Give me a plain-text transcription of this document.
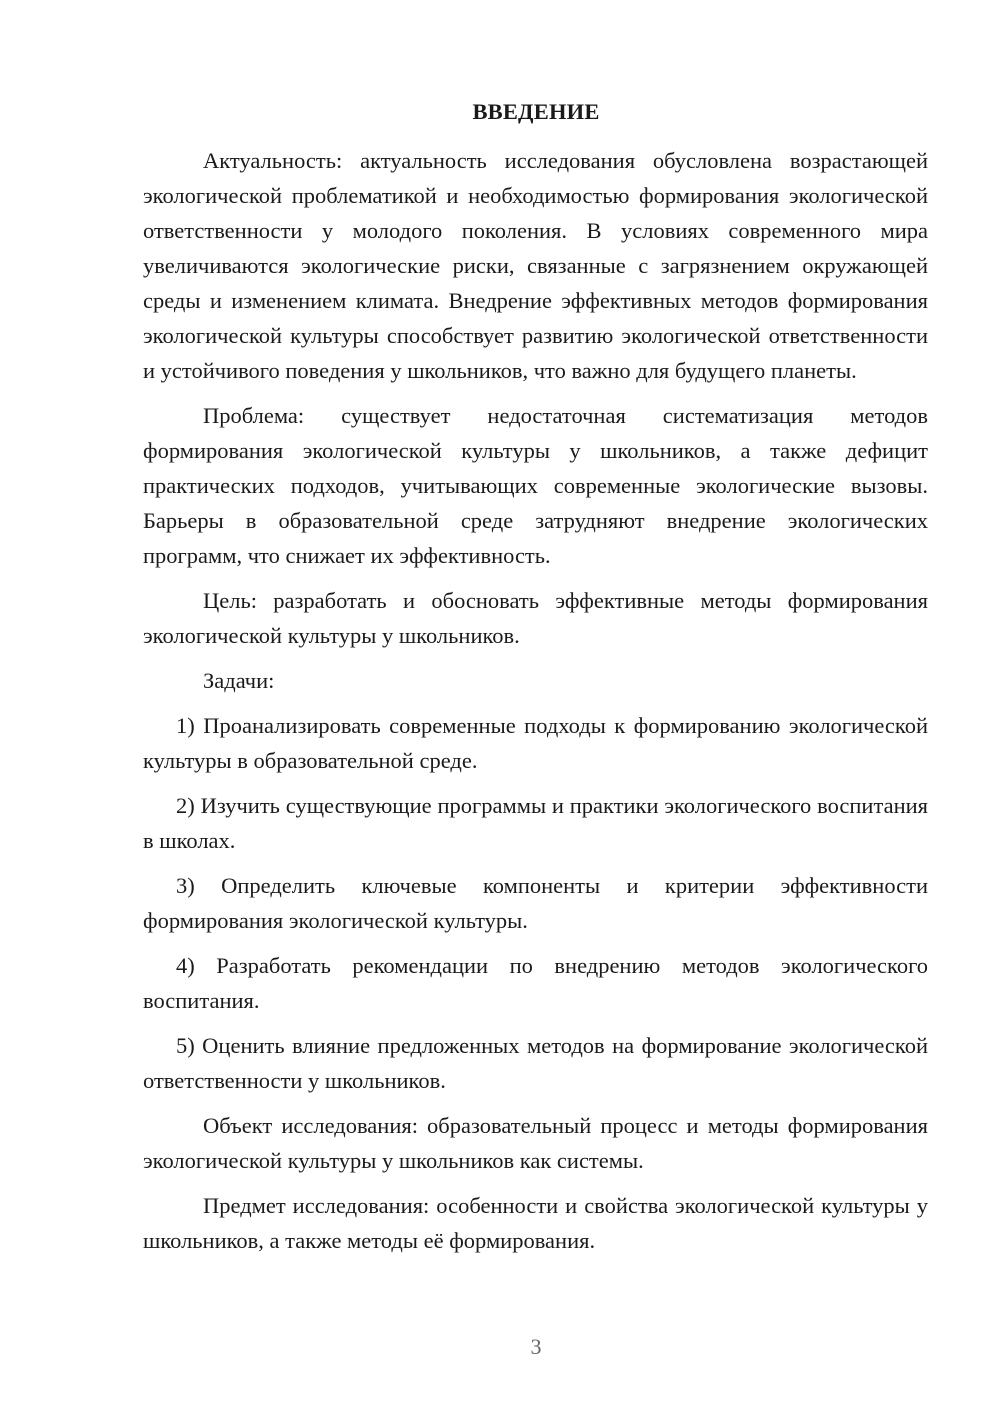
ВВЕДЕНИЕ

Актуальность: актуальность исследования обусловлена возрастающей экологической проблематикой и необходимостью формирования экологической ответственности у молодого поколения. В условиях современного мира увеличиваются экологические риски, связанные с загрязнением окружающей среды и изменением климата. Внедрение эффективных методов формирования экологической культуры способствует развитию экологической ответственности и устойчивого поведения у школьников, что важно для будущего планеты.

Проблема: существует недостаточная систематизация методов формирования экологической культуры у школьников, а также дефицит практических подходов, учитывающих современные экологические вызовы. Барьеры в образовательной среде затрудняют внедрение экологических программ, что снижает их эффективность.

Цель: разработать и обосновать эффективные методы формирования экологической культуры у школьников.

Задачи:

1) Проанализировать современные подходы к формированию экологической культуры в образовательной среде.

2) Изучить существующие программы и практики экологического воспитания в школах.

3) Определить ключевые компоненты и критерии эффективности формирования экологической культуры.

4) Разработать рекомендации по внедрению методов экологического воспитания.

5) Оценить влияние предложенных методов на формирование экологической ответственности у школьников.

Объект исследования: образовательный процесс и методы формирования экологической культуры у школьников как системы.

Предмет исследования: особенности и свойства экологической культуры у школьников, а также методы её формирования.

3
